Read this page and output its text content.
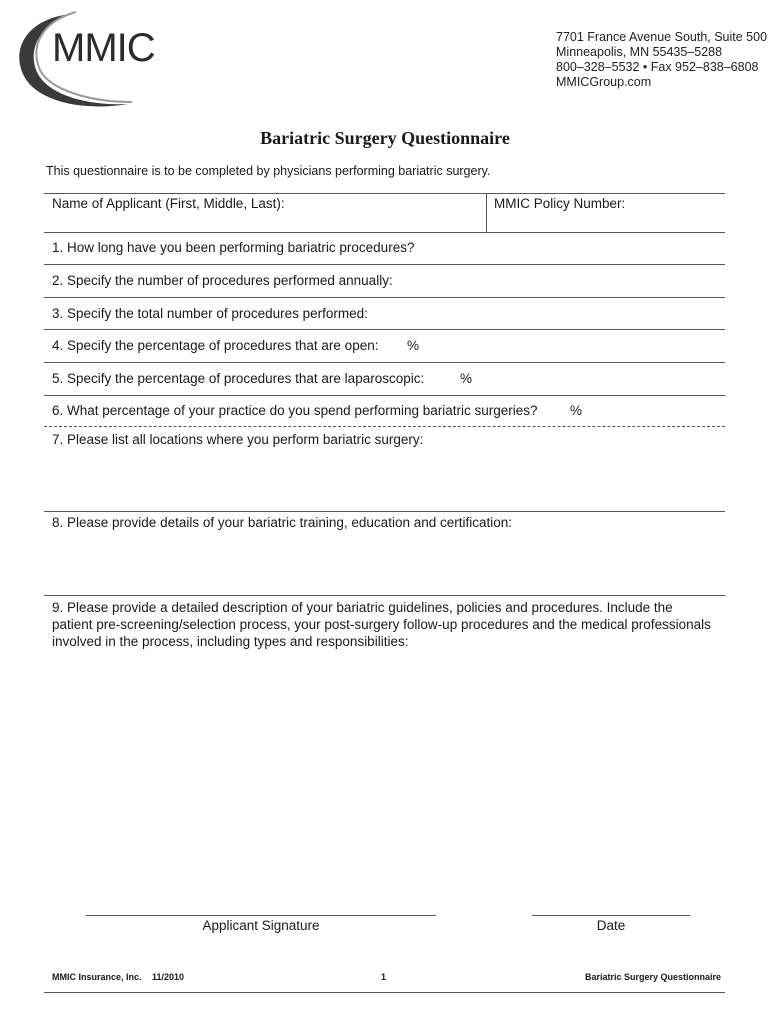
MMIC	7701 France Avenue South, Suite 500
Minneapolis, MN 55435–5288
800–328–5532 • Fax 952–838–6808
MMICGroup.com
Bariatric Surgery Questionnaire
This questionnaire is to be completed by physicians performing bariatric surgery.
Name of Applicant (First, Middle, Last):	MMIC Policy Number:
1. How long have you been performing bariatric procedures?
2. Specify the number of procedures performed annually:
3. Specify the total number of procedures performed:
4. Specify the percentage of procedures that are open: %
5. Specify the percentage of procedures that are laparoscopic:	%
6. What percentage of your practice do you spend performing bariatric surgeries? %
7. Please list all locations where you perform bariatric surgery:
8. Please provide details of your bariatric training, education and certification:
9. Please provide a detailed description of your bariatric guidelines, policies and procedures. Include the patient pre-screening/selection process, your post-surgery follow-up procedures and the medical professionals involved in the process, including types and responsibilities:
Applicant Signature	Date
MMIC Insurance, Inc. 11/2010	1	Bariatric Surgery Questionnaire
